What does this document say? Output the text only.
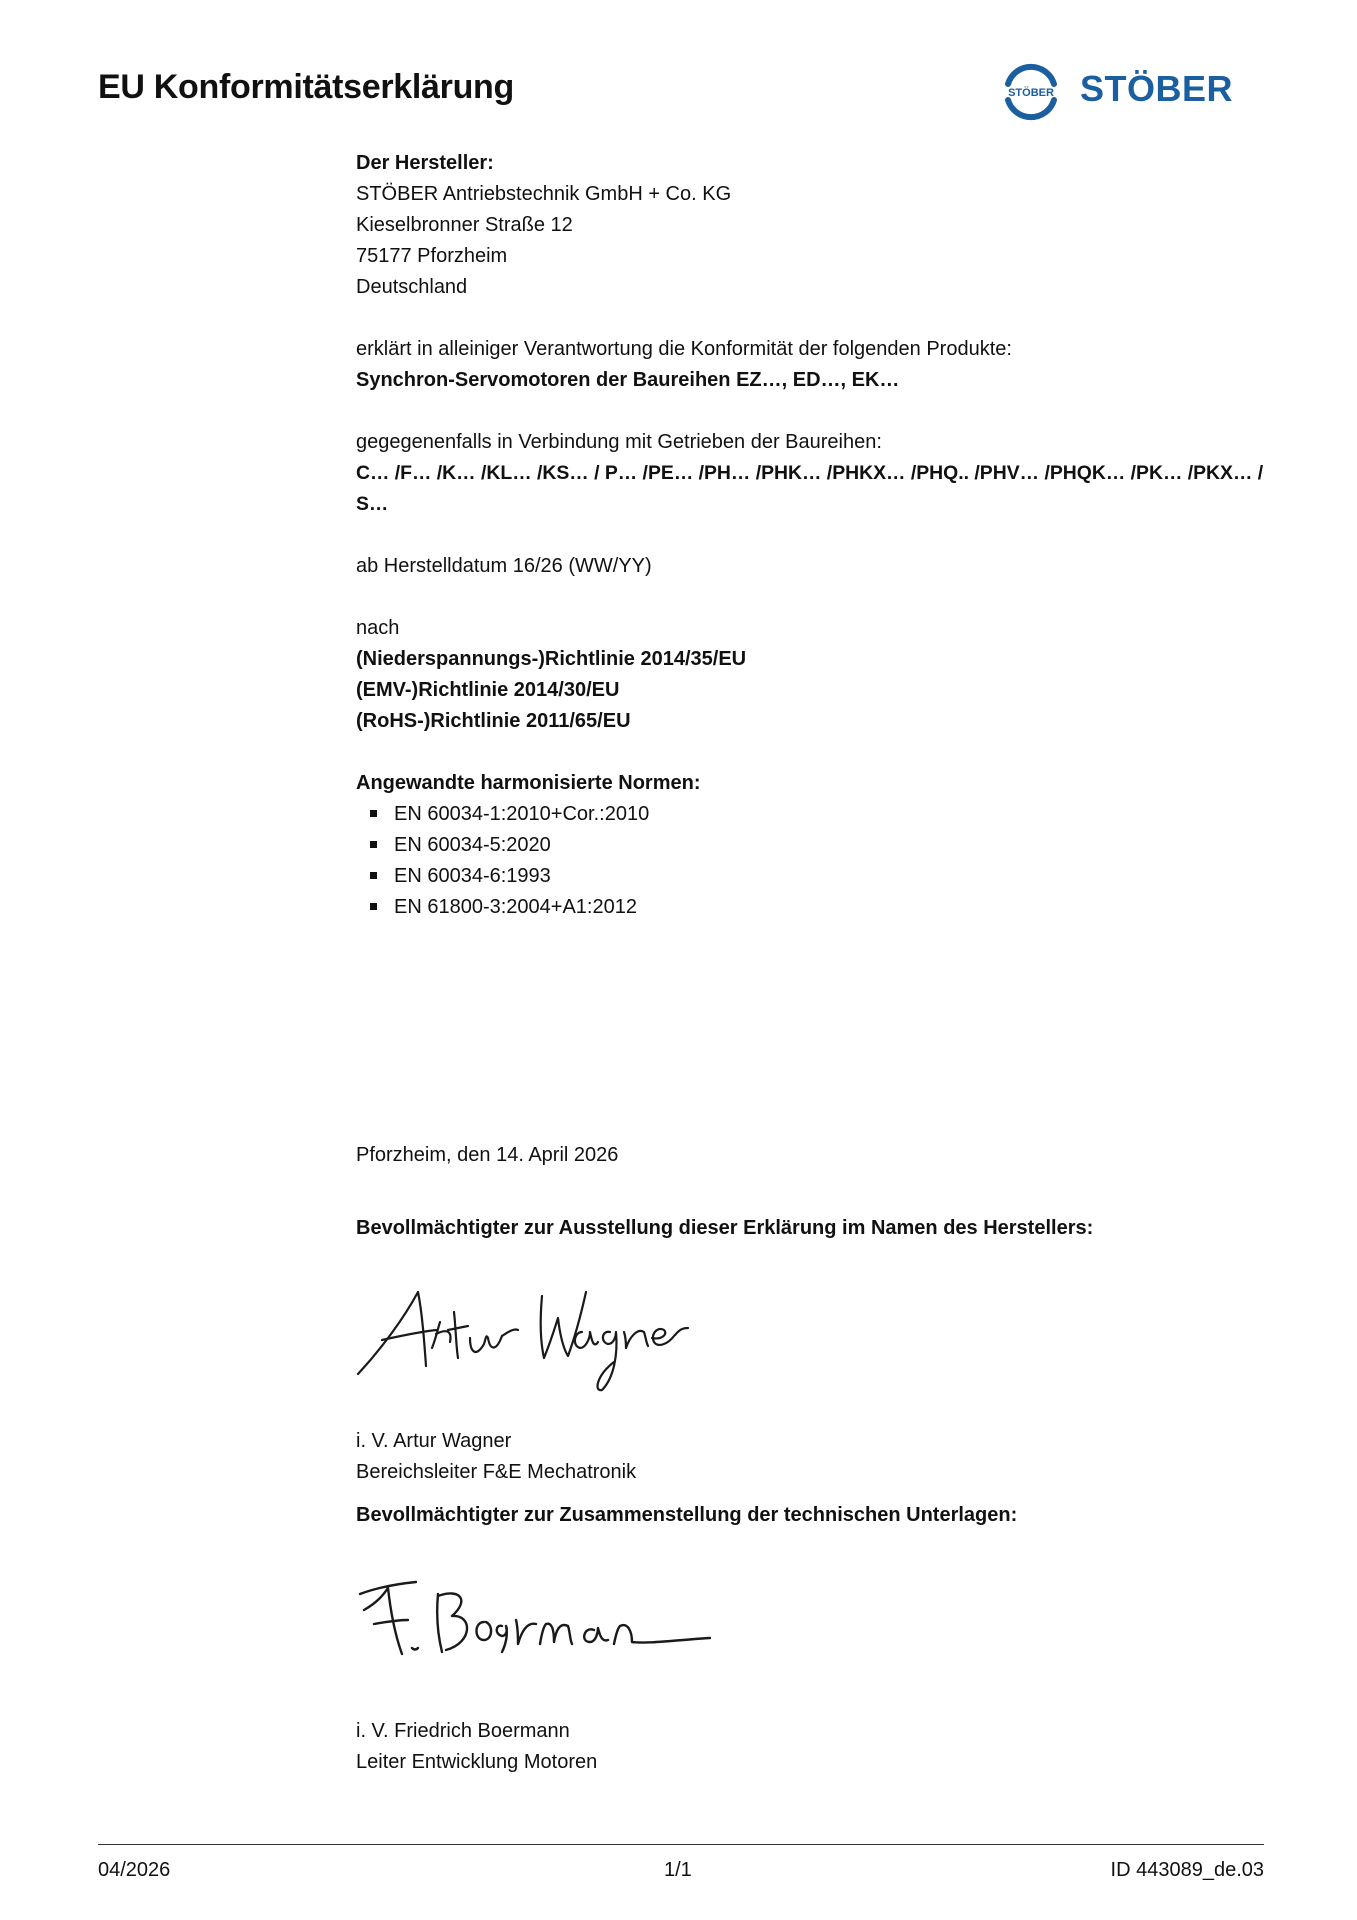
EU Konformitätserklärung	STÖBER STÖBER
Der Hersteller:
STÖBER Antriebstechnik GmbH + Co. KG
Kieselbronner Straße 12
75177 Pforzheim
Deutschland
erklärt in alleiniger Verantwortung die Konformität der folgenden Produkte:
Synchron-Servomotoren der Baureihen EZ…, ED…, EK…
gegegenenfalls in Verbindung mit Getrieben der Baureihen:
C… /F… /K… /KL… /KS… / P… /PE… /PH… /PHK… /PHKX… /PHQ.. /PHV… /PHQK… /PK… /PKX… /
S…
ab Herstelldatum 16/26 (WW/YY)
nach
(Niederspannungs-)Richtlinie 2014/35/EU
(EMV-)Richtlinie 2014/30/EU
(RoHS-)Richtlinie 2011/65/EU
Angewandte harmonisierte Normen:
EN 60034-1:2010+Cor.:2010
EN 60034-5:2020
EN 60034-6:1993
EN 61800-3:2004+A1:2012
Pforzheim, den 14. April 2026
Bevollmächtigter zur Ausstellung dieser Erklärung im Namen des Herstellers:
i. V. Artur Wagner
Bereichsleiter F&E Mechatronik
Bevollmächtigter zur Zusammenstellung der technischen Unterlagen:
i. V. Friedrich Boermann
Leiter Entwicklung Motoren
04/2026	1/1	ID 443089_de.03
